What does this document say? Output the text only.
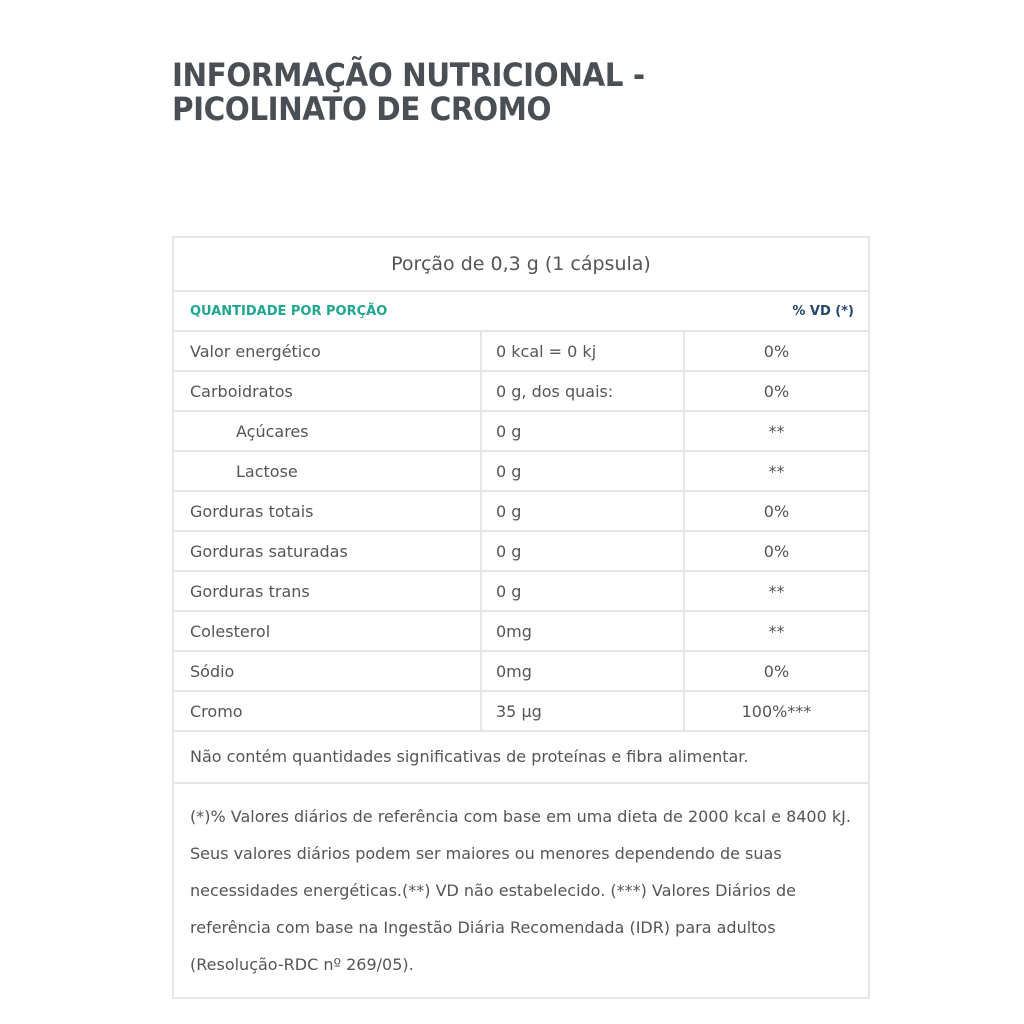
INFORMAÇÃO NUTRICIONAL - PICOLINATO DE CROMO
Porção de 0,3 g (1 cápsula)
QUANTIDADE POR PORÇÃO	% VD (*)
Valor energético	0 kcal = 0 kj	0%
Carboidratos	0 g, dos quais:	0%
Açúcares	0 g	**
Lactose	0 g	**
Gorduras totais	0 g	0%
Gorduras saturadas	0 g	0%
Gorduras trans	0 g	**
Colesterol	0mg	**
Sódio	0mg	0%
Cromo	35 µg	100%***
Não contém quantidades significativas de proteínas e fibra alimentar.
(*)% Valores diários de referência com base em uma dieta de 2000 kcal e 8400 kJ. Seus valores diários podem ser maiores ou menores dependendo de suas necessidades energéticas.(**) VD não estabelecido. (***) Valores Diários de referência com base na Ingestão Diária Recomendada (IDR) para adultos (Resolução-RDC nº 269/05).
